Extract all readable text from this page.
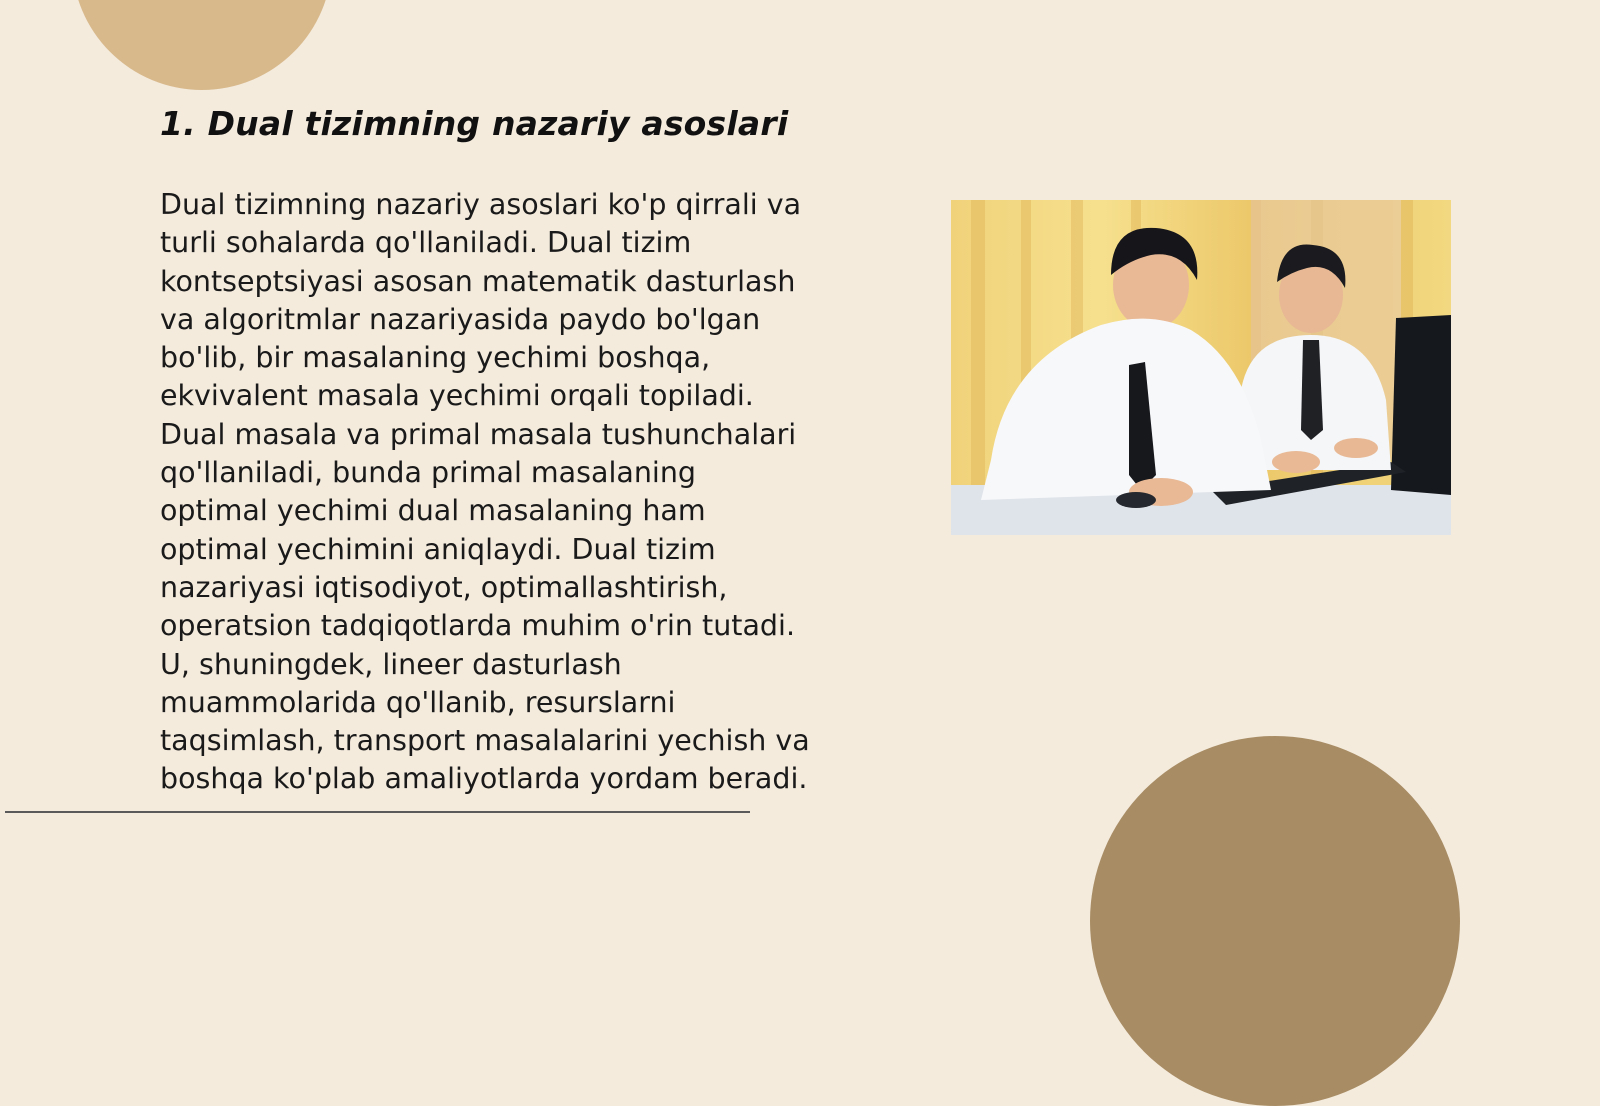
1. Dual tizimning nazariy asoslari

Dual tizimning nazariy asoslari ko'p qirrali va
turli sohalarda qo'llaniladi. Dual tizim
kontseptsiyasi asosan matematik dasturlash
va algoritmlar nazariyasida paydo bo'lgan
bo'lib, bir masalaning yechimi boshqa,
ekvivalent masala yechimi orqali topiladi.
Dual masala va primal masala tushunchalari
qo'llaniladi, bunda primal masalaning
optimal yechimi dual masalaning ham
optimal yechimini aniqlaydi. Dual tizim
nazariyasi iqtisodiyot, optimallashtirish,
operatsion tadqiqotlarda muhim o'rin tutadi.
U, shuningdek, lineer dasturlash
muammolarida qo'llanib, resurslarni
taqsimlash, transport masalalarini yechish va
boshqa ko'plab amaliyotlarda yordam beradi.
